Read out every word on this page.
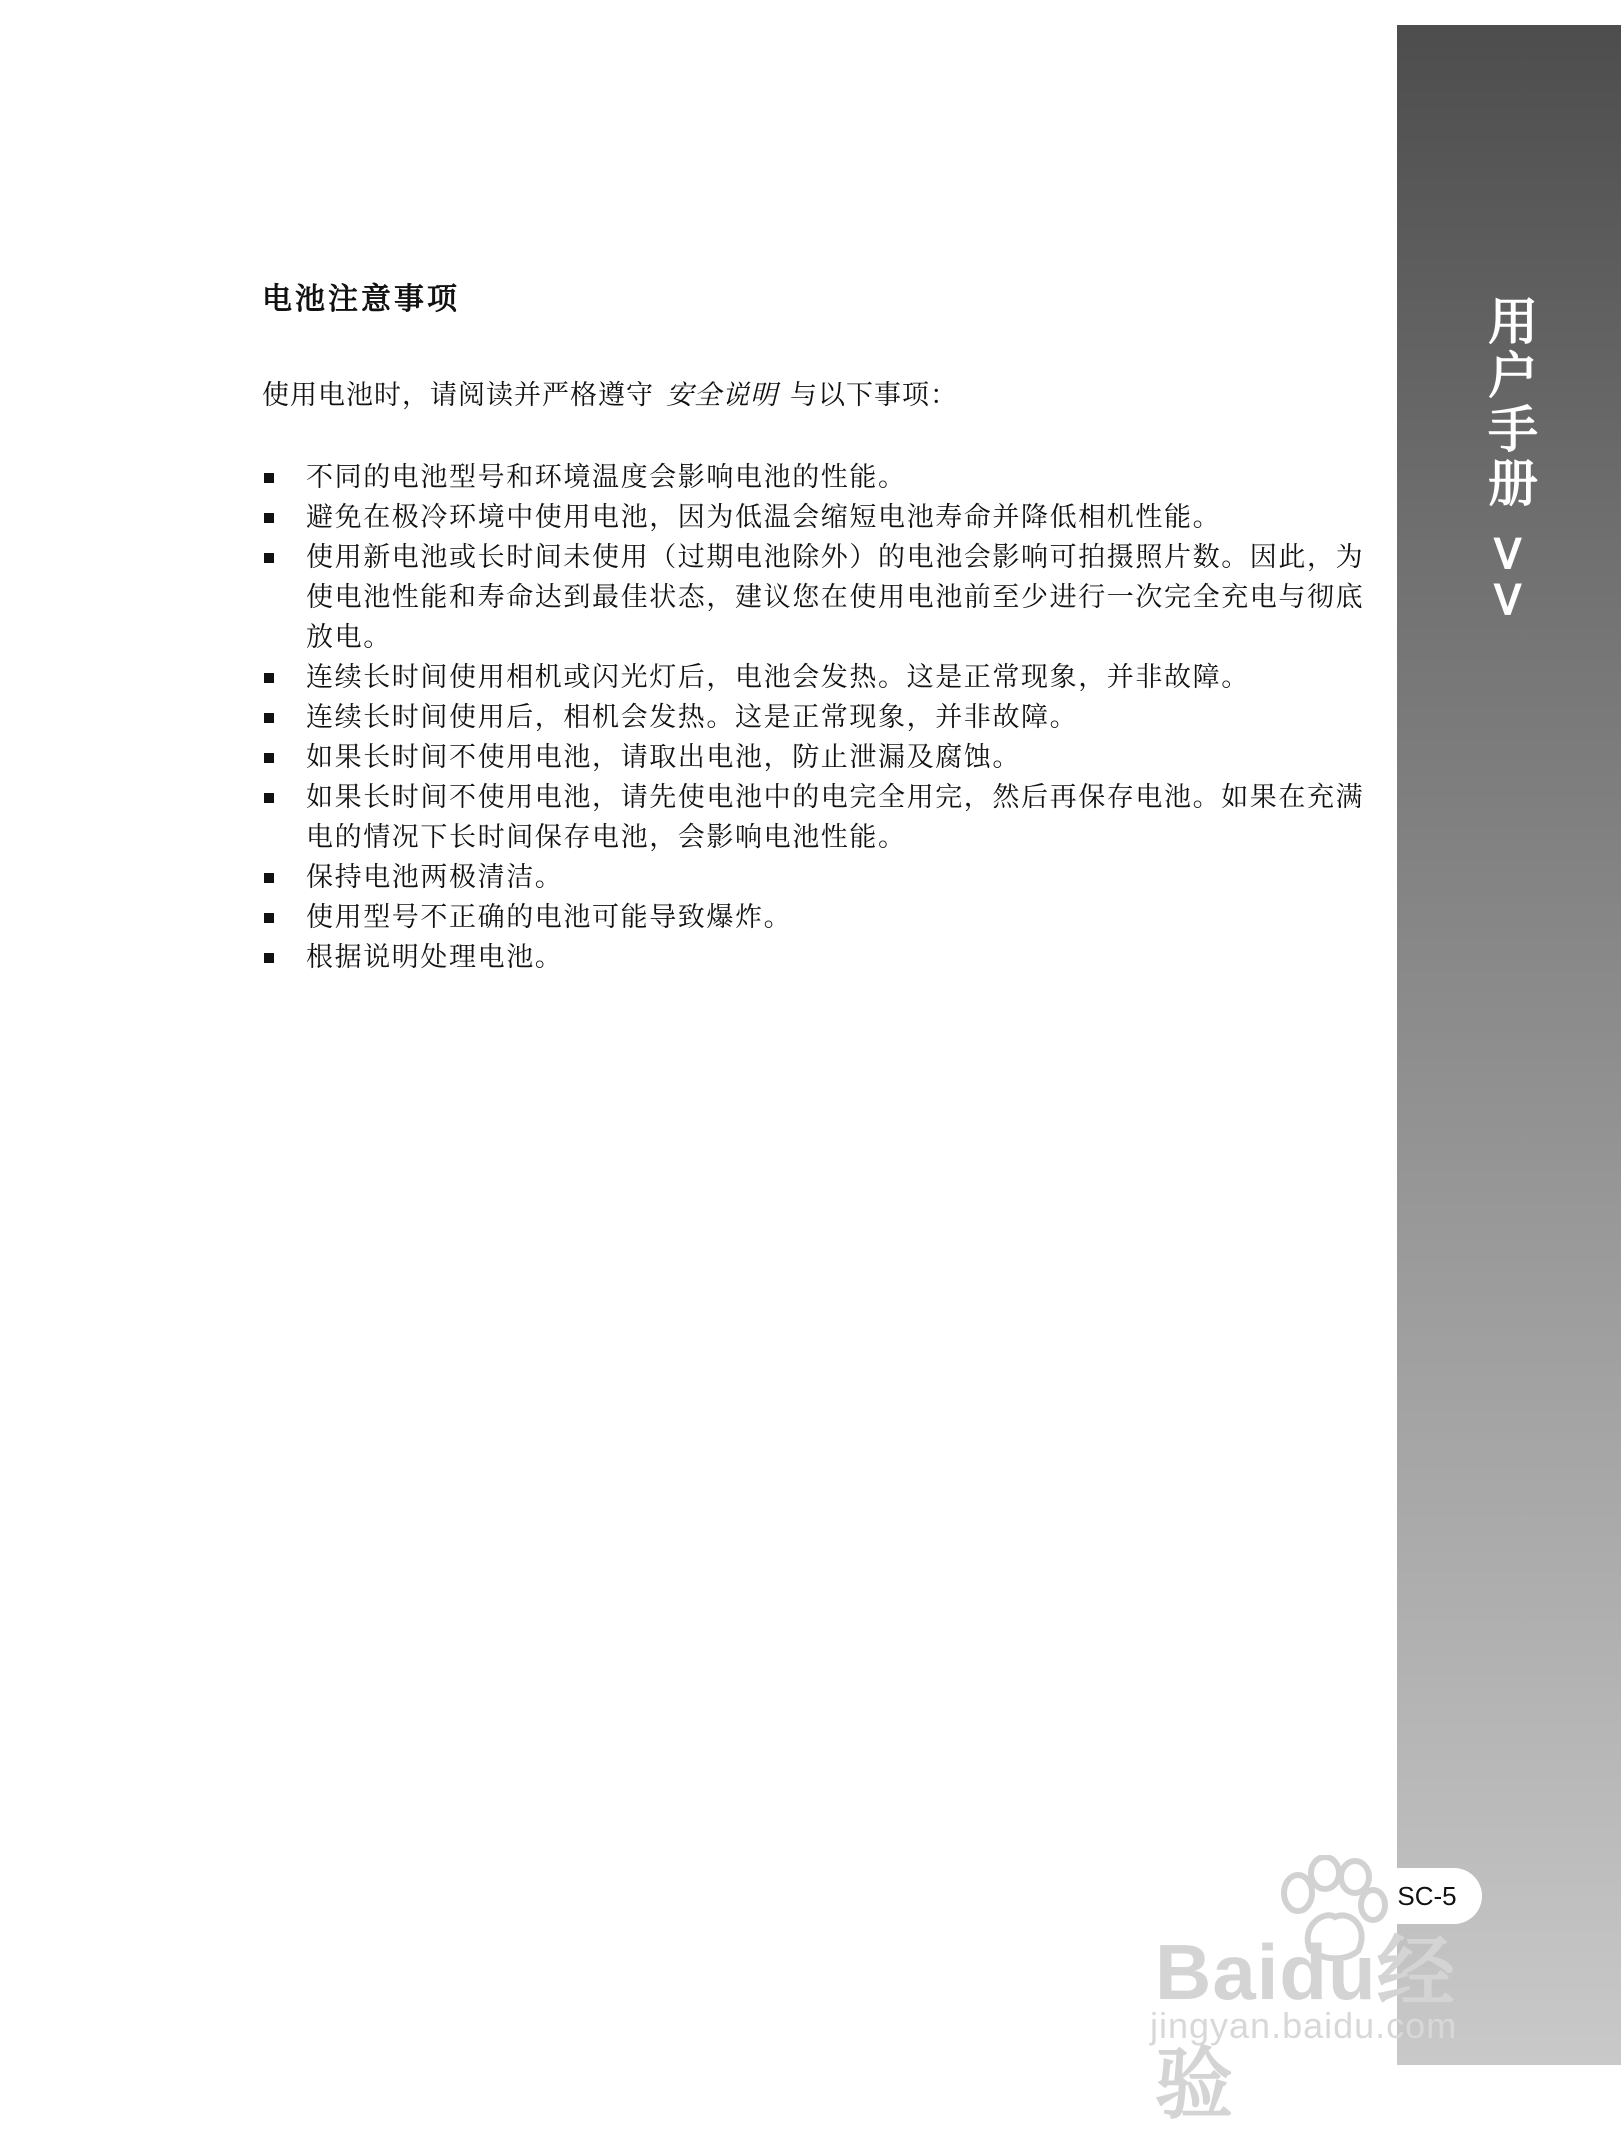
用户手册 >>
SC-5
电池注意事项

使用电池时，请阅读并严格遵守 安全说明 与以下事项：

不同的电池型号和环境温度会影响电池的性能。
避免在极冷环境中使用电池，因为低温会缩短电池寿命并降低相机性能。
使用新电池或长时间未使用（过期电池除外）的电池会影响可拍摄照片数。因此，为使电池性能和寿命达到最佳状态，建议您在使用电池前至少进行一次完全充电与彻底放电。
连续长时间使用相机或闪光灯后，电池会发热。这是正常现象，并非故障。
连续长时间使用后，相机会发热。这是正常现象，并非故障。
如果长时间不使用电池，请取出电池，防止泄漏及腐蚀。
如果长时间不使用电池，请先使电池中的电完全用完，然后再保存电池。如果在充满电的情况下长时间保存电池，会影响电池性能。
保持电池两极清洁。
使用型号不正确的电池可能导致爆炸。
根据说明处理电池。
Baidu经验
jingyan.baidu.com
